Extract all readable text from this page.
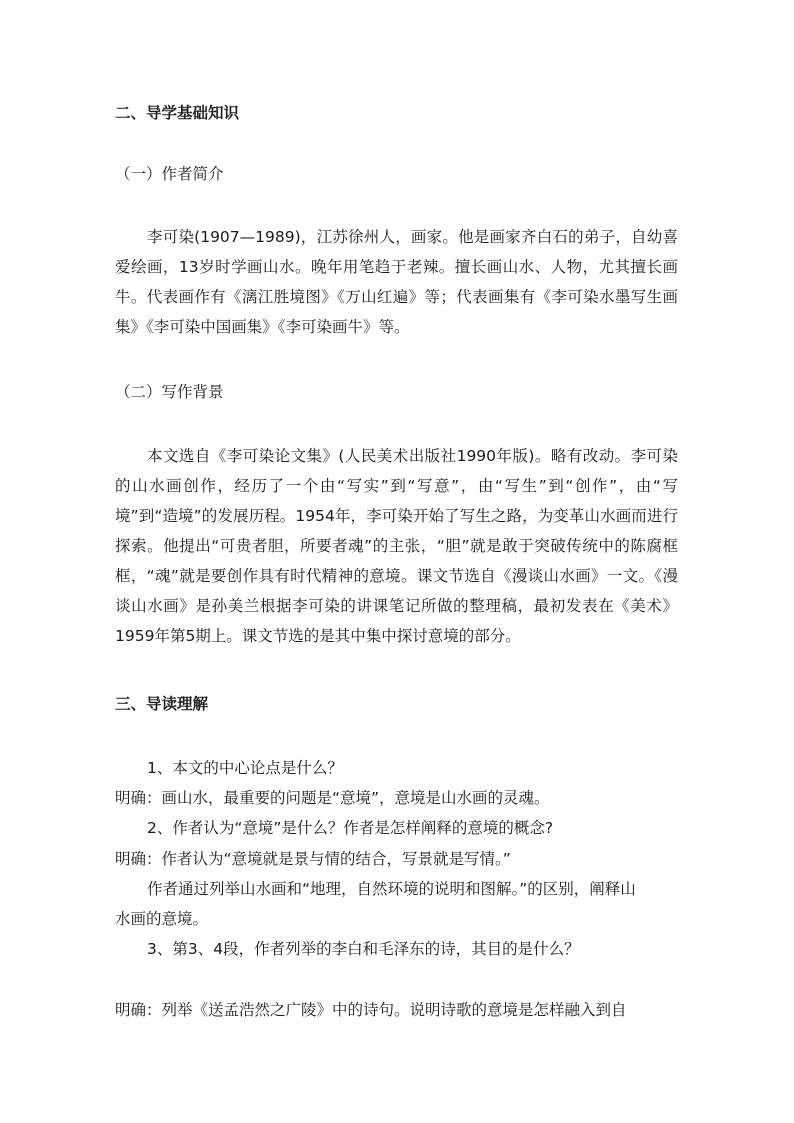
二、导学基础知识
（一）作者简介

李可染(1907—1989)，江苏徐州人，画家。他是画家齐白石的弟子，自幼喜爱绘画，13岁时学画山水。晚年用笔趋于老辣。擅长画山水、人物，尤其擅长画牛。代表画作有《漓江胜境图》《万山红遍》等；代表画集有《李可染水墨写生画集》《李可染中国画集》《李可染画牛》等。

（二）写作背景

本文选自《李可染论文集》(人民美术出版社1990年版)。略有改动。李可染的山水画创作，经历了一个由“写实”到“写意”，由“写生”到“创作”，由“写境”到“造境”的发展历程。1954年，李可染开始了写生之路，为变革山水画而进行探索。他提出“可贵者胆，所要者魂”的主张，“胆”就是敢于突破传统中的陈腐框框，“魂”就是要创作具有时代精神的意境。课文节选自《漫谈山水画》一文。《漫谈山水画》是孙美兰根据李可染的讲课笔记所做的整理稿，最初发表在《美术》1959年第5期上。课文节选的是其中集中探讨意境的部分。

三、导读理解
1、本文的中心论点是什么？
明确：画山水，最重要的问题是“意境”，意境是山水画的灵魂。
2、作者认为“意境”是什么？作者是怎样阐释的意境的概念?
明确：作者认为“意境就是景与情的结合，写景就是写情。”
作者通过列举山水画和“地理，自然环境的说明和图解。”的区别，阐释山
水画的意境。
3、第3、4段，作者列举的李白和毛泽东的诗，其目的是什么？
明确：列举《送孟浩然之广陵》中的诗句。说明诗歌的意境是怎样融入到自
